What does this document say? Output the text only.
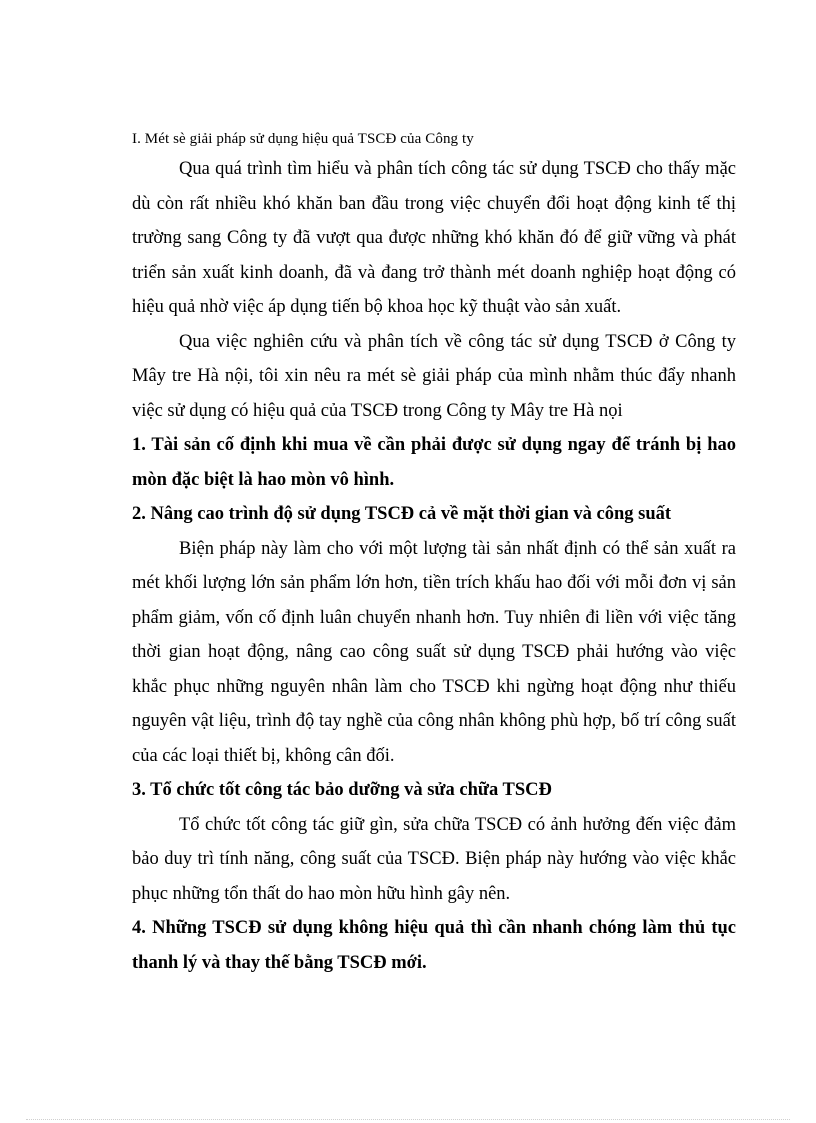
I. Mét sè giải pháp sử dụng hiệu quả TSCĐ của Công ty

Qua quá trình tìm hiểu và phân tích công tác sử dụng TSCĐ cho thấy mặc dù còn rất nhiều khó khăn ban đầu trong việc chuyển đổi hoạt động kinh tế thị trường sang Công ty đã vượt qua được những khó khăn đó để giữ vững và phát triển sản xuất kinh doanh, đã và đang trở thành mét doanh nghiệp hoạt động có hiệu quả nhờ việc áp dụng tiến bộ khoa học kỹ thuật vào sản xuất.

Qua việc nghiên cứu và phân tích về công tác sử dụng TSCĐ ở Công ty Mây tre Hà nội, tôi xin nêu ra mét sè giải pháp của mình nhằm thúc đẩy nhanh việc sử dụng có hiệu quả của TSCĐ trong Công ty Mây tre Hà nọi

1. Tài sản cố định khi mua về cần phải được sử dụng ngay để tránh bị hao mòn đặc biệt là hao mòn vô hình.

2. Nâng cao trình độ sử dụng TSCĐ cả về mặt thời gian và công suất

Biện pháp này làm cho với một lượng tài sản nhất định có thể sản xuất ra mét khối lượng lớn sản phẩm lớn hơn, tiền trích khấu hao đối với mỗi đơn vị sản phẩm giảm, vốn cố định luân chuyển nhanh hơn. Tuy nhiên đi liền với việc tăng thời gian hoạt động, nâng cao công suất sử dụng TSCĐ phải hướng vào việc khắc phục những nguyên nhân làm cho TSCĐ khi ngừng hoạt động như thiếu nguyên vật liệu, trình độ tay nghề của công nhân không phù hợp, bố trí công suất của các loại thiết bị, không cân đối.

3. Tổ chức tốt công tác bảo dưỡng và sửa chữa TSCĐ

Tổ chức tốt công tác giữ gìn, sửa chữa TSCĐ có ảnh hưởng đến việc đảm bảo duy trì tính năng, công suất của TSCĐ. Biện pháp này hướng vào việc khắc phục những tổn thất do hao mòn hữu hình gây nên.

4. Những TSCĐ sử dụng không hiệu quả thì cần nhanh chóng làm thủ tục thanh lý và thay thế bằng TSCĐ mới.
